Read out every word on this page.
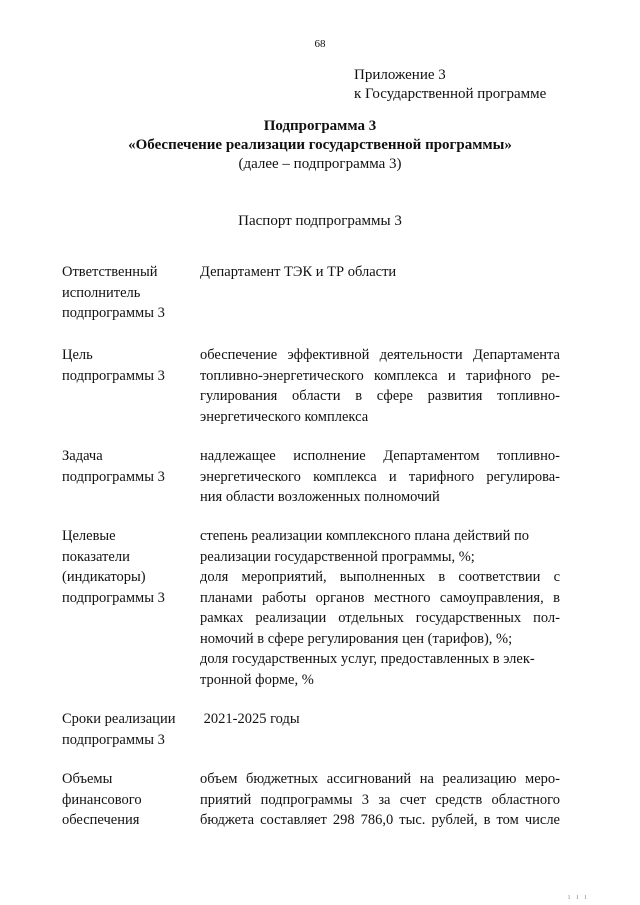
68
Приложение 3
к Государственной программе
Подпрограмма 3
«Обеспечение реализации государственной программы»
(далее – подпрограмма 3)
Паспорт подпрограммы 3
Ответственный
исполнитель
подпрограммы 3
Департамент ТЭК и ТР области
Цель
подпрограммы 3
обеспечение эффективной деятельности Департамента
топливно-энергетического комплекса и тарифного ре-
гулирования области в сфере развития топливно-
энергетического комплекса
Задача
подпрограммы 3
надлежащее исполнение Департаментом топливно-
энергетического комплекса и тарифного регулирова-
ния области возложенных полномочий
Целевые
показатели
(индикаторы)
подпрограммы 3
степень реализации комплексного плана действий по
реализации государственной программы, %;
доля мероприятий, выполненных в соответствии с
планами работы органов местного самоуправления, в
рамках реализации отдельных государственных пол-
номочий в сфере регулирования цен (тарифов), %;
доля государственных услуг, предоставленных в элек-
тронной форме, %
Сроки реализации
подпрограммы 3
2021-2025 годы
Объемы
финансового
обеспечения
объем бюджетных ассигнований на реализацию меро-
приятий подпрограммы 3 за счет средств областного
бюджета составляет 298 786,0 тыс. рублей, в том числе
ı ı ı
